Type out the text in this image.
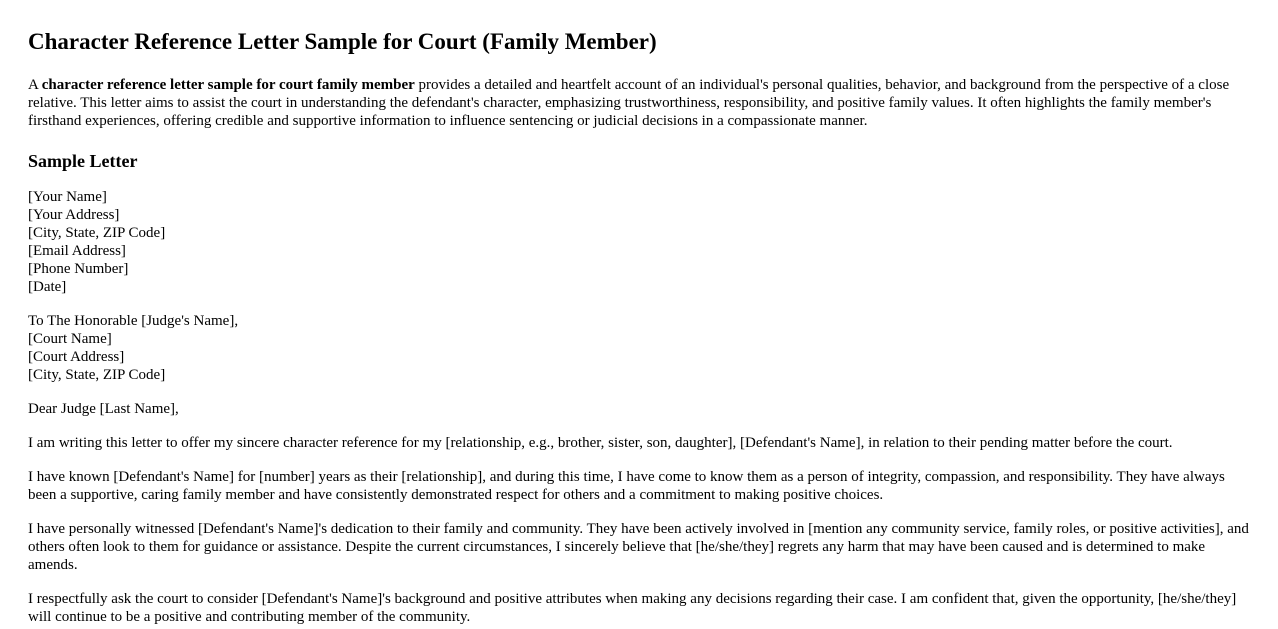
Character Reference Letter Sample for Court (Family Member)

A character reference letter sample for court family member provides a detailed and heartfelt account of an individual's personal qualities, behavior, and background from the perspective of a close relative. This letter aims to assist the court in understanding the defendant's character, emphasizing trustworthiness, responsibility, and positive family values. It often highlights the family member's firsthand experiences, offering credible and supportive information to influence sentencing or judicial decisions in a compassionate manner.

Sample Letter
[Your Name]
[Your Address]
[City, State, ZIP Code]
[Email Address]
[Phone Number]
[Date]
To The Honorable [Judge's Name],
[Court Name]
[Court Address]
[City, State, ZIP Code]
Dear Judge [Last Name],

I am writing this letter to offer my sincere character reference for my [relationship, e.g., brother, sister, son, daughter], [Defendant's Name], in relation to their pending matter before the court.

I have known [Defendant's Name] for [number] years as their [relationship], and during this time, I have come to know them as a person of integrity, compassion, and responsibility. They have always been a supportive, caring family member and have consistently demonstrated respect for others and a commitment to making positive choices.

I have personally witnessed [Defendant's Name]'s dedication to their family and community. They have been actively involved in [mention any community service, family roles, or positive activities], and others often look to them for guidance or assistance. Despite the current circumstances, I sincerely believe that [he/she/they] regrets any harm that may have been caused and is determined to make amends.

I respectfully ask the court to consider [Defendant's Name]'s background and positive attributes when making any decisions regarding their case. I am confident that, given the opportunity, [he/she/they] will continue to be a positive and contributing member of the community.
